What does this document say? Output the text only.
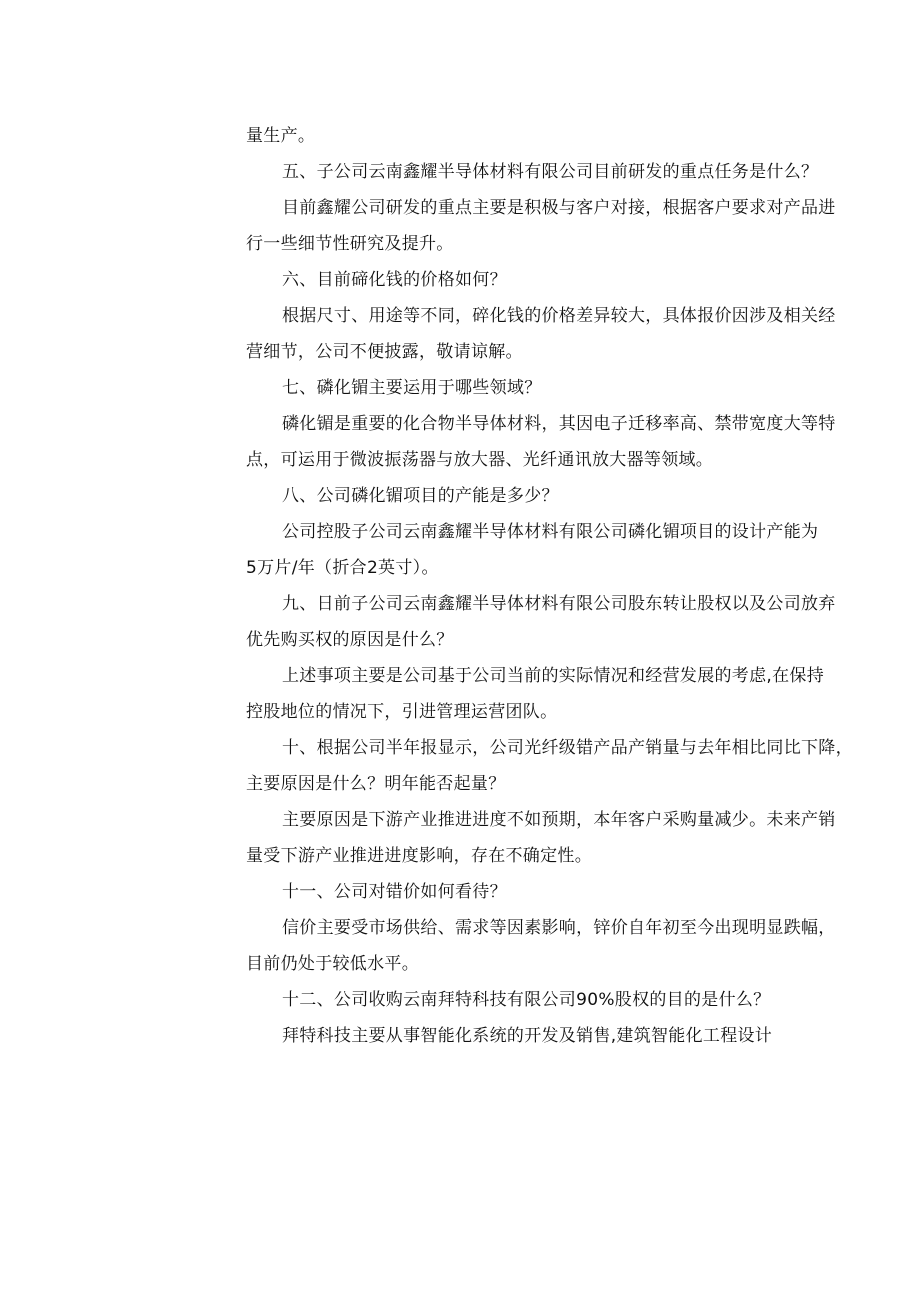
量生产。
五、子公司云南鑫耀半导体材料有限公司目前研发的重点任务是什么？
目前鑫耀公司研发的重点主要是积极与客户对接，根据客户要求对产品进
行一些细节性研究及提升。
六、目前碲化钱的价格如何？
根据尺寸、用途等不同，碎化钱的价格差异较大，具体报价因涉及相关经
营细节，公司不便披露，敬请谅解。
七、磷化镅主要运用于哪些领域？
磷化镅是重要的化合物半导体材料，其因电子迁移率高、禁带宽度大等特
点，可运用于微波振荡器与放大器、光纤通讯放大器等领域。
八、公司磷化镅项目的产能是多少？
公司控股子公司云南鑫耀半导体材料有限公司磷化镅项目的设计产能为
5万片/年（折合2英寸）。
九、日前子公司云南鑫耀半导体材料有限公司股东转让股权以及公司放弃
优先购买权的原因是什么？
上述事项主要是公司基于公司当前的实际情况和经营发展的考虑,在保持
控股地位的情况下，引进管理运营团队。
十、根据公司半年报显示，公司光纤级错产品产销量与去年相比同比下降，
主要原因是什么？明年能否起量？
主要原因是下游产业推进进度不如预期，本年客户采购量减少。未来产销
量受下游产业推进进度影响，存在不确定性。
十一、公司对错价如何看待？
信价主要受市场供给、需求等因素影响，锌价自年初至今出现明显跌幅，
目前仍处于较低水平。
十二、公司收购云南拜特科技有限公司90%股权的目的是什么？
拜特科技主要从事智能化系统的开发及销售,建筑智能化工程设计
